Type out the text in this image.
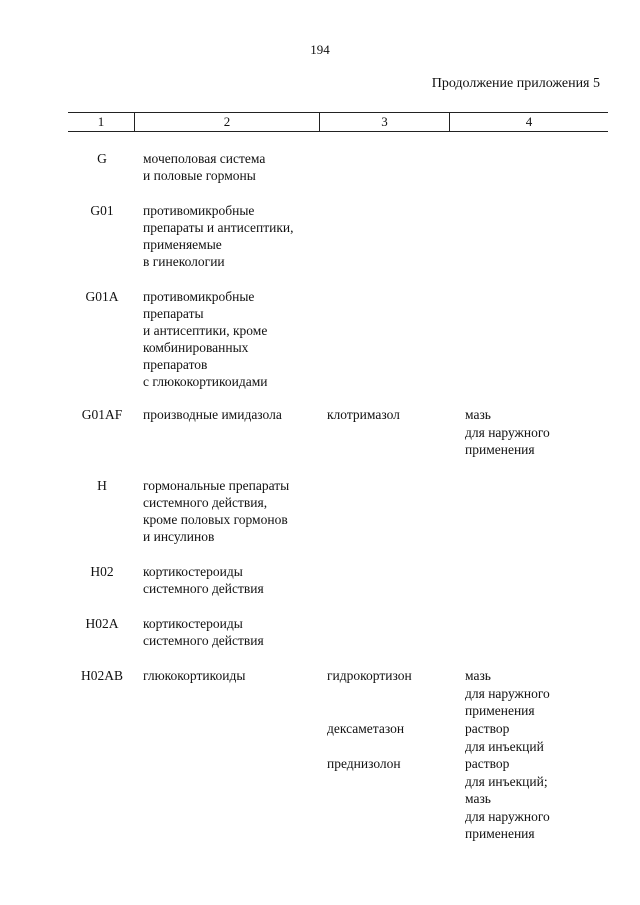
194
Продолжение приложения 5
1	2	3	4
G	мочеполовая система
и половые гормоны
G01	противомикробные
препараты и антисептики,
применяемые
в гинекологии
G01A	противомикробные
препараты
и антисептики, кроме
комбинированных
препаратов
с глюкокортикоидами
G01AF	производные имидазола	клотримазол	мазь
для наружного
применения
H	гормональные препараты
системного действия,
кроме половых гормонов
и инсулинов
H02	кортикостероиды
системного действия
H02A	кортикостероиды
системного действия
H02AB	глюкокортикоиды	гидрокортизон	мазь
для наружного
применения
дексаметазон	раствор
для инъекций
преднизолон	раствор
для инъекций;
мазь
для наружного
применения
